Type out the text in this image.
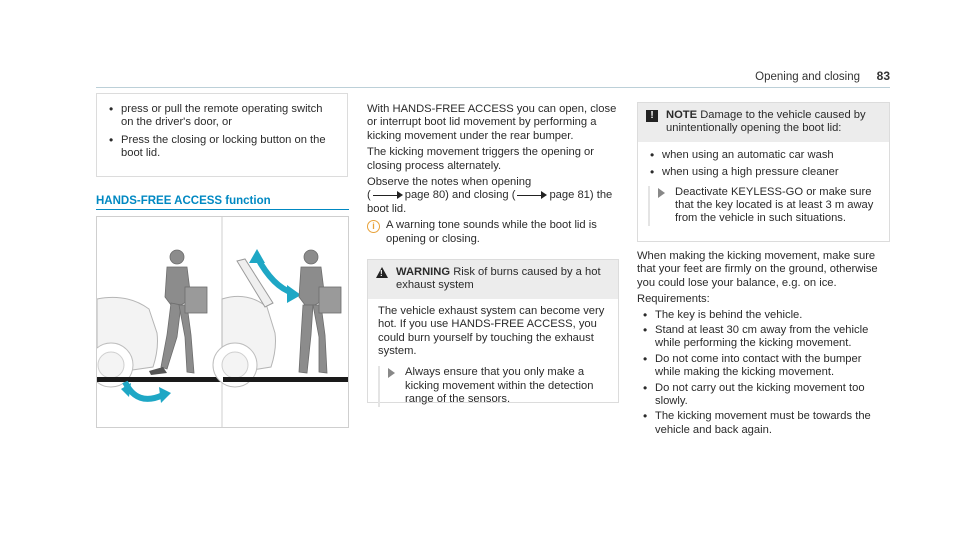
Opening and closing	83
• press or pull the remote operating switch on the driver's door, or
• Press the closing or locking button on the boot lid.
HANDS-FREE ACCESS function

With HANDS-FREE ACCESS you can open, close or interrupt boot lid movement by performing a kicking movement under the rear bumper.

The kicking movement triggers the opening or closing process alternately.

Observe the notes when opening
(	page 80) and closing (	page 81) the boot lid.

i	A warning tone sounds while the boot lid is opening or closing.
! WARNING Risk of burns caused by a hot exhaust system
The vehicle exhaust system can become very hot. If you use HANDS-FREE ACCESS, you could burn yourself by touching the exhaust system.
Always ensure that you only make a kicking movement within the detection range of the sensors.
!	NOTE Damage to the vehicle caused by unintentionally opening the boot lid:
• when using an automatic car wash
• when using a high pressure cleaner
Deactivate KEYLESS-GO or make sure that the key located is at least 3 m away from the vehicle in such situations.

When making the kicking movement, make sure that your feet are firmly on the ground, otherwise you could lose your balance, e.g. on ice.

Requirements:

• The key is behind the vehicle.
• Stand at least 30 cm away from the vehicle while performing the kicking movement.
• Do not come into contact with the bumper while making the kicking movement.
• Do not carry out the kicking movement too slowly.
• The kicking movement must be towards the vehicle and back again.
